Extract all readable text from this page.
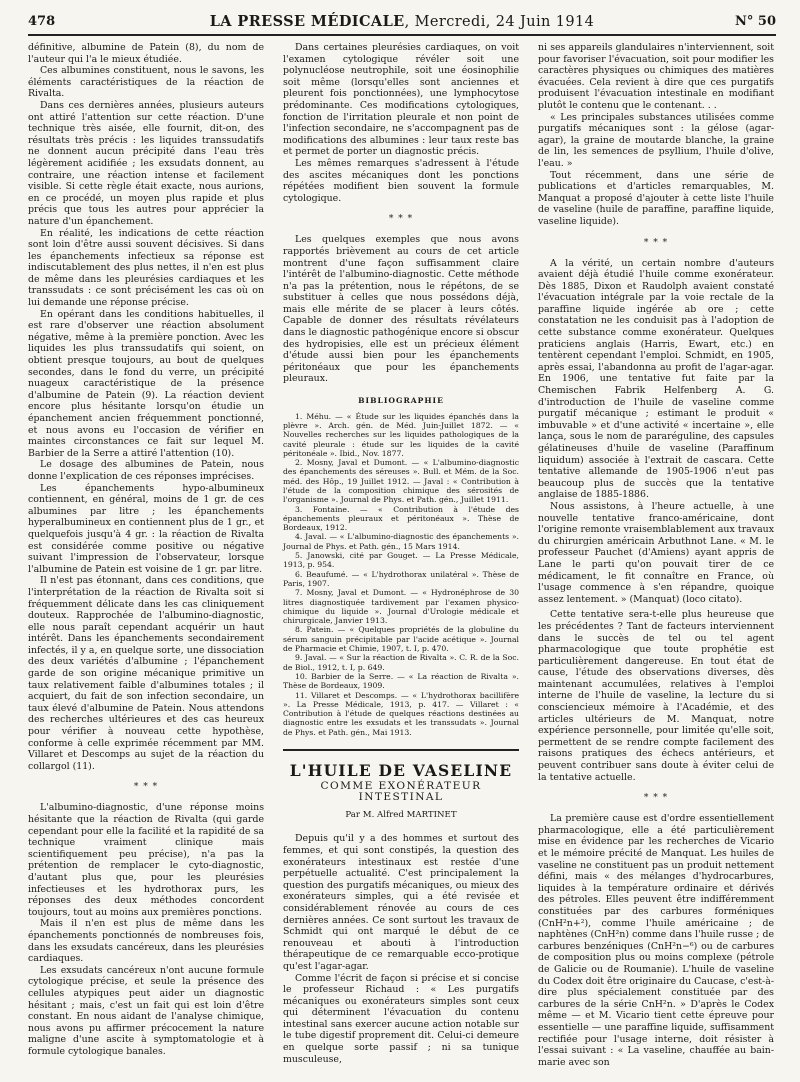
478	LA PRESSE MÉDICALE, Mercredi, 24 Juin 1914	N° 50

définitive, albumine de Patein (8), du nom de l'auteur qui l'a le mieux étudiée.

Ces albumines constituent, nous le savons, les éléments caractéristiques de la réaction de Rivalta.

Dans ces dernières années, plusieurs auteurs ont attiré l'attention sur cette réaction. D'une technique très aisée, elle fournit, dit-on, des résultats très précis : les liquides transsudatifs ne donnent aucun précipité dans l'eau très légèrement acidifiée ; les exsudats donnent, au contraire, une réaction intense et facilement visible. Si cette règle était exacte, nous aurions, en ce procédé, un moyen plus rapide et plus précis que tous les autres pour apprécier la nature d'un épanchement.

En réalité, les indications de cette réaction sont loin d'être aussi souvent décisives. Si dans les épanchements infectieux sa réponse est indiscutablement des plus nettes, il n'en est plus de même dans les pleurésies cardiaques et les transsudats : ce sont précisément les cas où on lui demande une réponse précise.

En opérant dans les conditions habituelles, il est rare d'observer une réaction absolument négative, même à la première ponction. Avec les liquides les plus transsudatifs qui soient, on obtient presque toujours, au bout de quelques secondes, dans le fond du verre, un précipité nuageux caractéristique de la présence d'albumine de Patein (9). La réaction devient encore plus hésitante lorsqu'on étudie un épanchement ancien fréquemment ponctionné, et nous avons eu l'occasion de vérifier en maintes circonstances ce fait sur lequel M. Barbier de la Serre a attiré l'attention (10).

Le dosage des albumines de Patein, nous donne l'explication de ces réponses imprécises.

Les épanchements hypo-albumineux contiennent, en général, moins de 1 gr. de ces albumines par litre ; les épanchements hyperalbumineux en contiennent plus de 1 gr., et quelquefois jusqu'à 4 gr. : la réaction de Rivalta est considérée comme positive ou négative suivant l'impression de l'observateur, lorsque l'albumine de Patein est voisine de 1 gr. par litre.

Il n'est pas étonnant, dans ces conditions, que l'interprétation de la réaction de Rivalta soit si fréquemment délicate dans les cas cliniquement douteux. Rapprochée de l'albumino-diagnostic, elle nous paraît cependant acquérir un haut intérêt. Dans les épanchements secondairement infectés, il y a, en quelque sorte, une dissociation des deux variétés d'albumine ; l'épanchement garde de son origine mécanique primitive un taux relativement faible d'albumines totales ; il acquiert, du fait de son infection secondaire, un taux élevé d'albumine de Patein. Nous attendons des recherches ultérieures et des cas heureux pour vérifier à nouveau cette hypothèse, conforme à celle exprimée récemment par MM. Villaret et Descomps au sujet de la réaction du collargol (11).

* * *

L'albumino-diagnostic, d'une réponse moins hésitante que la réaction de Rivalta (qui garde cependant pour elle la facilité et la rapidité de sa technique vraiment clinique mais scientifiquement peu précise), n'a pas la prétention de remplacer le cyto-diagnostic, d'autant plus que, pour les pleurésies infectieuses et les hydrothorax purs, les réponses des deux méthodes concordent toujours, tout au moins aux premières ponctions.

Mais il n'en est plus de même dans les épanchements ponctionnés de nombreuses fois, dans les exsudats cancéreux, dans les pleurésies cardiaques.

Les exsudats cancéreux n'ont aucune formule cytologique précise, et seule la présence des cellules atypiques peut aider un diagnostic hésitant ; mais, c'est un fait qui est loin d'être constant. En nous aidant de l'analyse chimique, nous avons pu affirmer précocement la nature maligne d'une ascite à symptomatologie et à formule cytologique banales.

Dans certaines pleurésies cardiaques, on voit l'examen cytologique révéler soit une polynucléose neutrophile, soit une éosinophilie soit même (lorsqu'elles sont anciennes et pleurent fois ponctionnées), une lymphocytose prédominante. Ces modifications cytologiques, fonction de l'irritation pleurale et non point de l'infection secondaire, ne s'accompagnent pas de modifications des albumines : leur taux reste bas et permet de porter un diagnostic précis.

Les mêmes remarques s'adressent à l'étude des ascites mécaniques dont les ponctions répétées modifient bien souvent la formule cytologique.

* * *

Les quelques exemples que nous avons rapportés brièvement au cours de cet article montrent d'une façon suffisamment claire l'intérêt de l'albumino-diagnostic. Cette méthode n'a pas la prétention, nous le répétons, de se substituer à celles que nous possédons déjà, mais elle mérite de se placer à leurs côtés. Capable de donner des résultats révélateurs dans le diagnostic pathogénique encore si obscur des hydropisies, elle est un précieux élément d'étude aussi bien pour les épanchements péritonéaux que pour les épanchements pleuraux.

BIBLIOGRAPHIE

1. Méhu. — « Étude sur les liquides épanchés dans la plèvre ». Arch. gén. de Méd. Juin-Juillet 1872. — « Nouvelles recherches sur les liquides pathologiques de la cavité pleurale : étude sur les liquides de la cavité péritonéale ». Ibid., Nov. 1877.

2. Mosny, Javal et Dumont. — « L'albumino-diagnostic des épanchements des séreuses ». Bull. et Mém. de la Soc. méd. des Hôp., 19 Juillet 1912. — Javal : « Contribution à l'étude de la composition chimique des sérosités de l'organisme ». Journal de Phys. et Path. gén., Juillet 1911.

3. Fontaine. — « Contribution à l'étude des épanchements pleuraux et péritonéaux ». Thèse de Bordeaux, 1912.

4. Javal. — « L'albumino-diagnostic des épanchements ». Journal de Phys. et Path. gén., 15 Mars 1914.

5. Janowski, cité par Gouget. — La Presse Médicale, 1913, p. 954.

6. Beaufumé. — « L'hydrothorax unilatéral ». Thèse de Paris, 1907.

7. Mosny, Javal et Dumont. — « Hydronéphrose de 30 litres diagnostiquée tardivement par l'examen physico-chimique du liquide ». Journal d'Urologie médicale et chirurgicale, Janvier 1913.

8. Patein. — « Quelques propriétés de la globuline du sérum sanguin précipitable par l'acide acétique ». Journal de Pharmacie et Chimie, 1907, t. I, p. 470.

9. Javal. — « Sur la réaction de Rivalta ». C. R. de la Soc. de Biol., 1912, t. I, p. 649.

10. Barbier de la Serre. — « La réaction de Rivalta ». Thèse de Bordeaux, 1909.

11. Villaret et Descomps. — « L'hydrothorax bacillifère ». La Presse Médicale, 1913, p. 417. — Villaret : « Contribution à l'étude de quelques réactions destinées au diagnostic entre les exsudats et les transsudats ». Journal de Phys. et Path. gén., Mai 1913.

L'HUILE DE VASELINE
COMME EXONÉRATEUR INTESTINAL
Par M. Alfred MARTINET

Depuis qu'il y a des hommes et surtout des femmes, et qui sont constipés, la question des exonérateurs intestinaux est restée d'une perpétuelle actualité. C'est principalement la question des purgatifs mécaniques, ou mieux des exonérateurs simples, qui a été revisée et considérablement rénovée au cours de ces dernières années. Ce sont surtout les travaux de Schmidt qui ont marqué le début de ce renouveau et abouti à l'introduction thérapeutique de ce remarquable ecco-protique qu'est l'agar-agar.

Comme l'écrit de façon si précise et si concise le professeur Richaud : « Les purgatifs mécaniques ou exonérateurs simples sont ceux qui déterminent l'évacuation du contenu intestinal sans exercer aucune action notable sur le tube digestif proprement dit. Celui-ci demeure en quelque sorte passif ; ni sa tunique musculeuse,

ni ses appareils glandulaires n'interviennent, soit pour favoriser l'évacuation, soit pour modifier les caractères physiques ou chimiques des matières évacuées. Cela revient à dire que ces purgatifs produisent l'évacuation intestinale en modifiant plutôt le contenu que le contenant. . .

« Les principales substances utilisées comme purgatifs mécaniques sont : la gélose (agar-agar), la graine de moutarde blanche, la graine de lin, les semences de psyllium, l'huile d'olive, l'eau. »

Tout récemment, dans une série de publications et d'articles remarquables, M. Manquat a proposé d'ajouter à cette liste l'huile de vaseline (huile de paraffine, paraffine liquide, vaseline liquide).

* * *

A la vérité, un certain nombre d'auteurs avaient déjà étudié l'huile comme exonérateur. Dès 1885, Dixon et Raudolph avaient constaté l'évacuation intégrale par la voie rectale de la paraffine liquide ingérée ab ore ; cette constatation ne les conduisit pas à l'adoption de cette substance comme exonérateur. Quelques praticiens anglais (Harris, Ewart, etc.) en tentèrent cependant l'emploi. Schmidt, en 1905, après essai, l'abandonna au profit de l'agar-agar. En 1906, une tentative fut faite par la Chemischen Fabrik Helfenberg A. G. d'introduction de l'huile de vaseline comme purgatif mécanique ; estimant le produit « imbuvable » et d'une activité « incertaine », elle lança, sous le nom de pararéguline, des capsules gélatineuses d'huile de vaseline (Paraffinum liquidum) associée à l'extrait de cascara. Cette tentative allemande de 1905-1906 n'eut pas beaucoup plus de succès que la tentative anglaise de 1885-1886.

Nous assistons, à l'heure actuelle, à une nouvelle tentative franco-américaine, dont l'origine remonte vraisemblablement aux travaux du chirurgien américain Arbuthnot Lane. « M. le professeur Pauchet (d'Amiens) ayant appris de Lane le parti qu'on pouvait tirer de ce médicament, le fit connaître en France, où l'usage commence à s'en répandre, quoique assez lentement. » (Manquat) (loco citato).

Cette tentative sera-t-elle plus heureuse que les précédentes ? Tant de facteurs interviennent dans le succès de tel ou tel agent pharmacologique que toute prophétie est particulièrement dangereuse. En tout état de cause, l'étude des observations diverses, dès maintenant accumulées, relatives à l'emploi interne de l'huile de vaseline, la lecture du si consciencieux mémoire à l'Académie, et des articles ultérieurs de M. Manquat, notre expérience personnelle, pour limitée qu'elle soit, permettent de se rendre compte facilement des raisons pratiques des échecs antérieurs, et peuvent contribuer sans doute à éviter celui de la tentative actuelle.

* * *

La première cause est d'ordre essentiellement pharmacologique, elle a été particulièrement mise en évidence par les recherches de Vicario et le mémoire précité de Manquat. Les huiles de vaseline ne constituent pas un produit nettement défini, mais « des mélanges d'hydrocarbures, liquides à la température ordinaire et dérivés des pétroles. Elles peuvent être indifféremment constituées par des carbures forméniques (CnH²n+²), comme l'huile américaine ; de naphtènes (CnH²n) comme dans l'huile russe ; de carbures benzéniques (CnH²n−⁶) ou de carbures de composition plus ou moins complexe (pétrole de Galicie ou de Roumanie). L'huile de vaseline du Codex doit être originaire du Caucase, c'est-à-dire plus spécialement constituée par des carbures de la série CnH²n. » D'après le Codex même — et M. Vicario tient cette épreuve pour essentielle — une paraffine liquide, suffisamment rectifiée pour l'usage interne, doit résister à l'essai suivant : « La vaseline, chauffée au bain-marie avec son
